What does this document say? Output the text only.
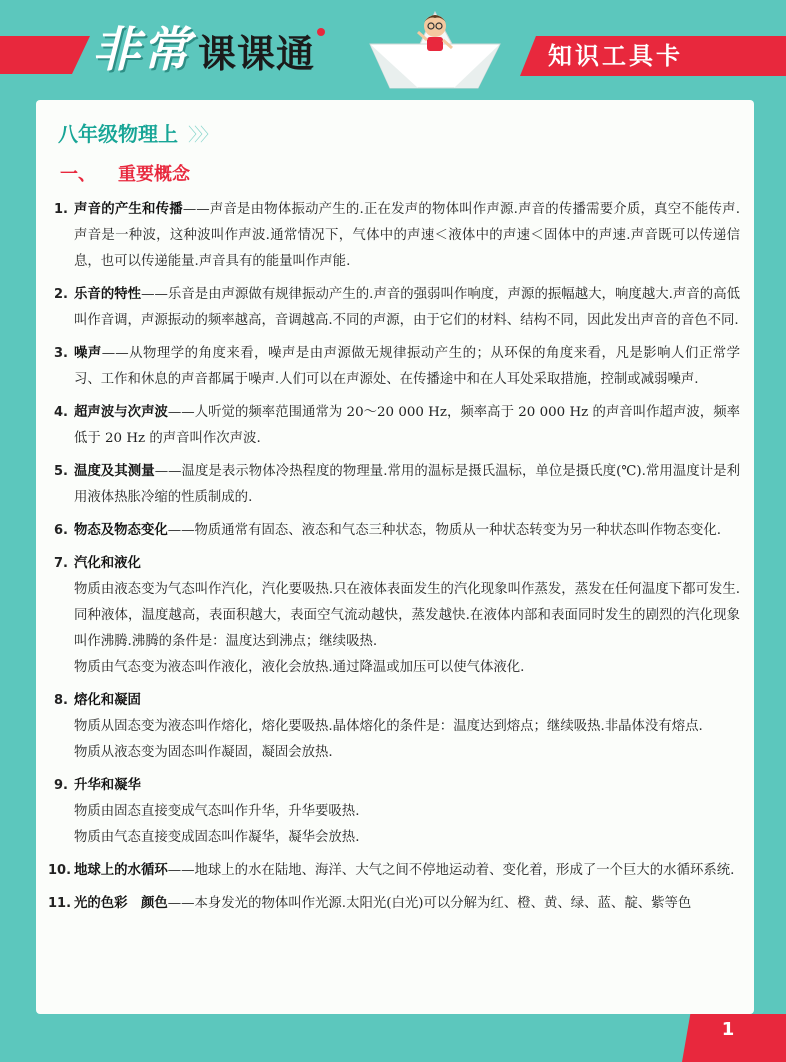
非常 课课通	知识工具卡
八年级物理上 〉〉〉
一、 重要概念
1. 声音的产生和传播——声音是由物体振动产生的.正在发声的物体叫作声源.声音的传播需要介质，真空不能传声.声音是一种波，这种波叫作声波.通常情况下，气体中的声速＜液体中的声速＜固体中的声速.声音既可以传递信息，也可以传递能量.声音具有的能量叫作声能.

2. 乐音的特性——乐音是由声源做有规律振动产生的.声音的强弱叫作响度，声源的振幅越大，响度越大.声音的高低叫作音调，声源振动的频率越高，音调越高.不同的声源，由于它们的材料、结构不同，因此发出声音的音色不同.

3. 噪声——从物理学的角度来看，噪声是由声源做无规律振动产生的；从环保的角度来看，凡是影响人们正常学习、工作和休息的声音都属于噪声.人们可以在声源处、在传播途中和在人耳处采取措施，控制或减弱噪声.

4. 超声波与次声波——人听觉的频率范围通常为 20～20 000 Hz，频率高于 20 000 Hz 的声音叫作超声波，频率低于 20 Hz 的声音叫作次声波.

5. 温度及其测量——温度是表示物体冷热程度的物理量.常用的温标是摄氏温标，单位是摄氏度(℃).常用温度计是利用液体热胀冷缩的性质制成的.

6. 物态及物态变化——物质通常有固态、液态和气态三种状态，物质从一种状态转变为另一种状态叫作物态变化.

7. 汽化和液化

物质由液态变为气态叫作汽化，汽化要吸热.只在液体表面发生的汽化现象叫作蒸发，蒸发在任何温度下都可发生.同种液体，温度越高，表面积越大，表面空气流动越快，蒸发越快.在液体内部和表面同时发生的剧烈的汽化现象叫作沸腾.沸腾的条件是：温度达到沸点；继续吸热.

物质由气态变为液态叫作液化，液化会放热.通过降温或加压可以使气体液化.

8. 熔化和凝固

物质从固态变为液态叫作熔化，熔化要吸热.晶体熔化的条件是：温度达到熔点；继续吸热.非晶体没有熔点.

物质从液态变为固态叫作凝固，凝固会放热.

9. 升华和凝华

物质由固态直接变成气态叫作升华，升华要吸热.

物质由气态直接变成固态叫作凝华，凝华会放热.

10. 地球上的水循环——地球上的水在陆地、海洋、大气之间不停地运动着、变化着，形成了一个巨大的水循环系统.

11. 光的色彩　颜色——本身发光的物体叫作光源.太阳光(白光)可以分解为红、橙、黄、绿、蓝、靛、紫等色

1
